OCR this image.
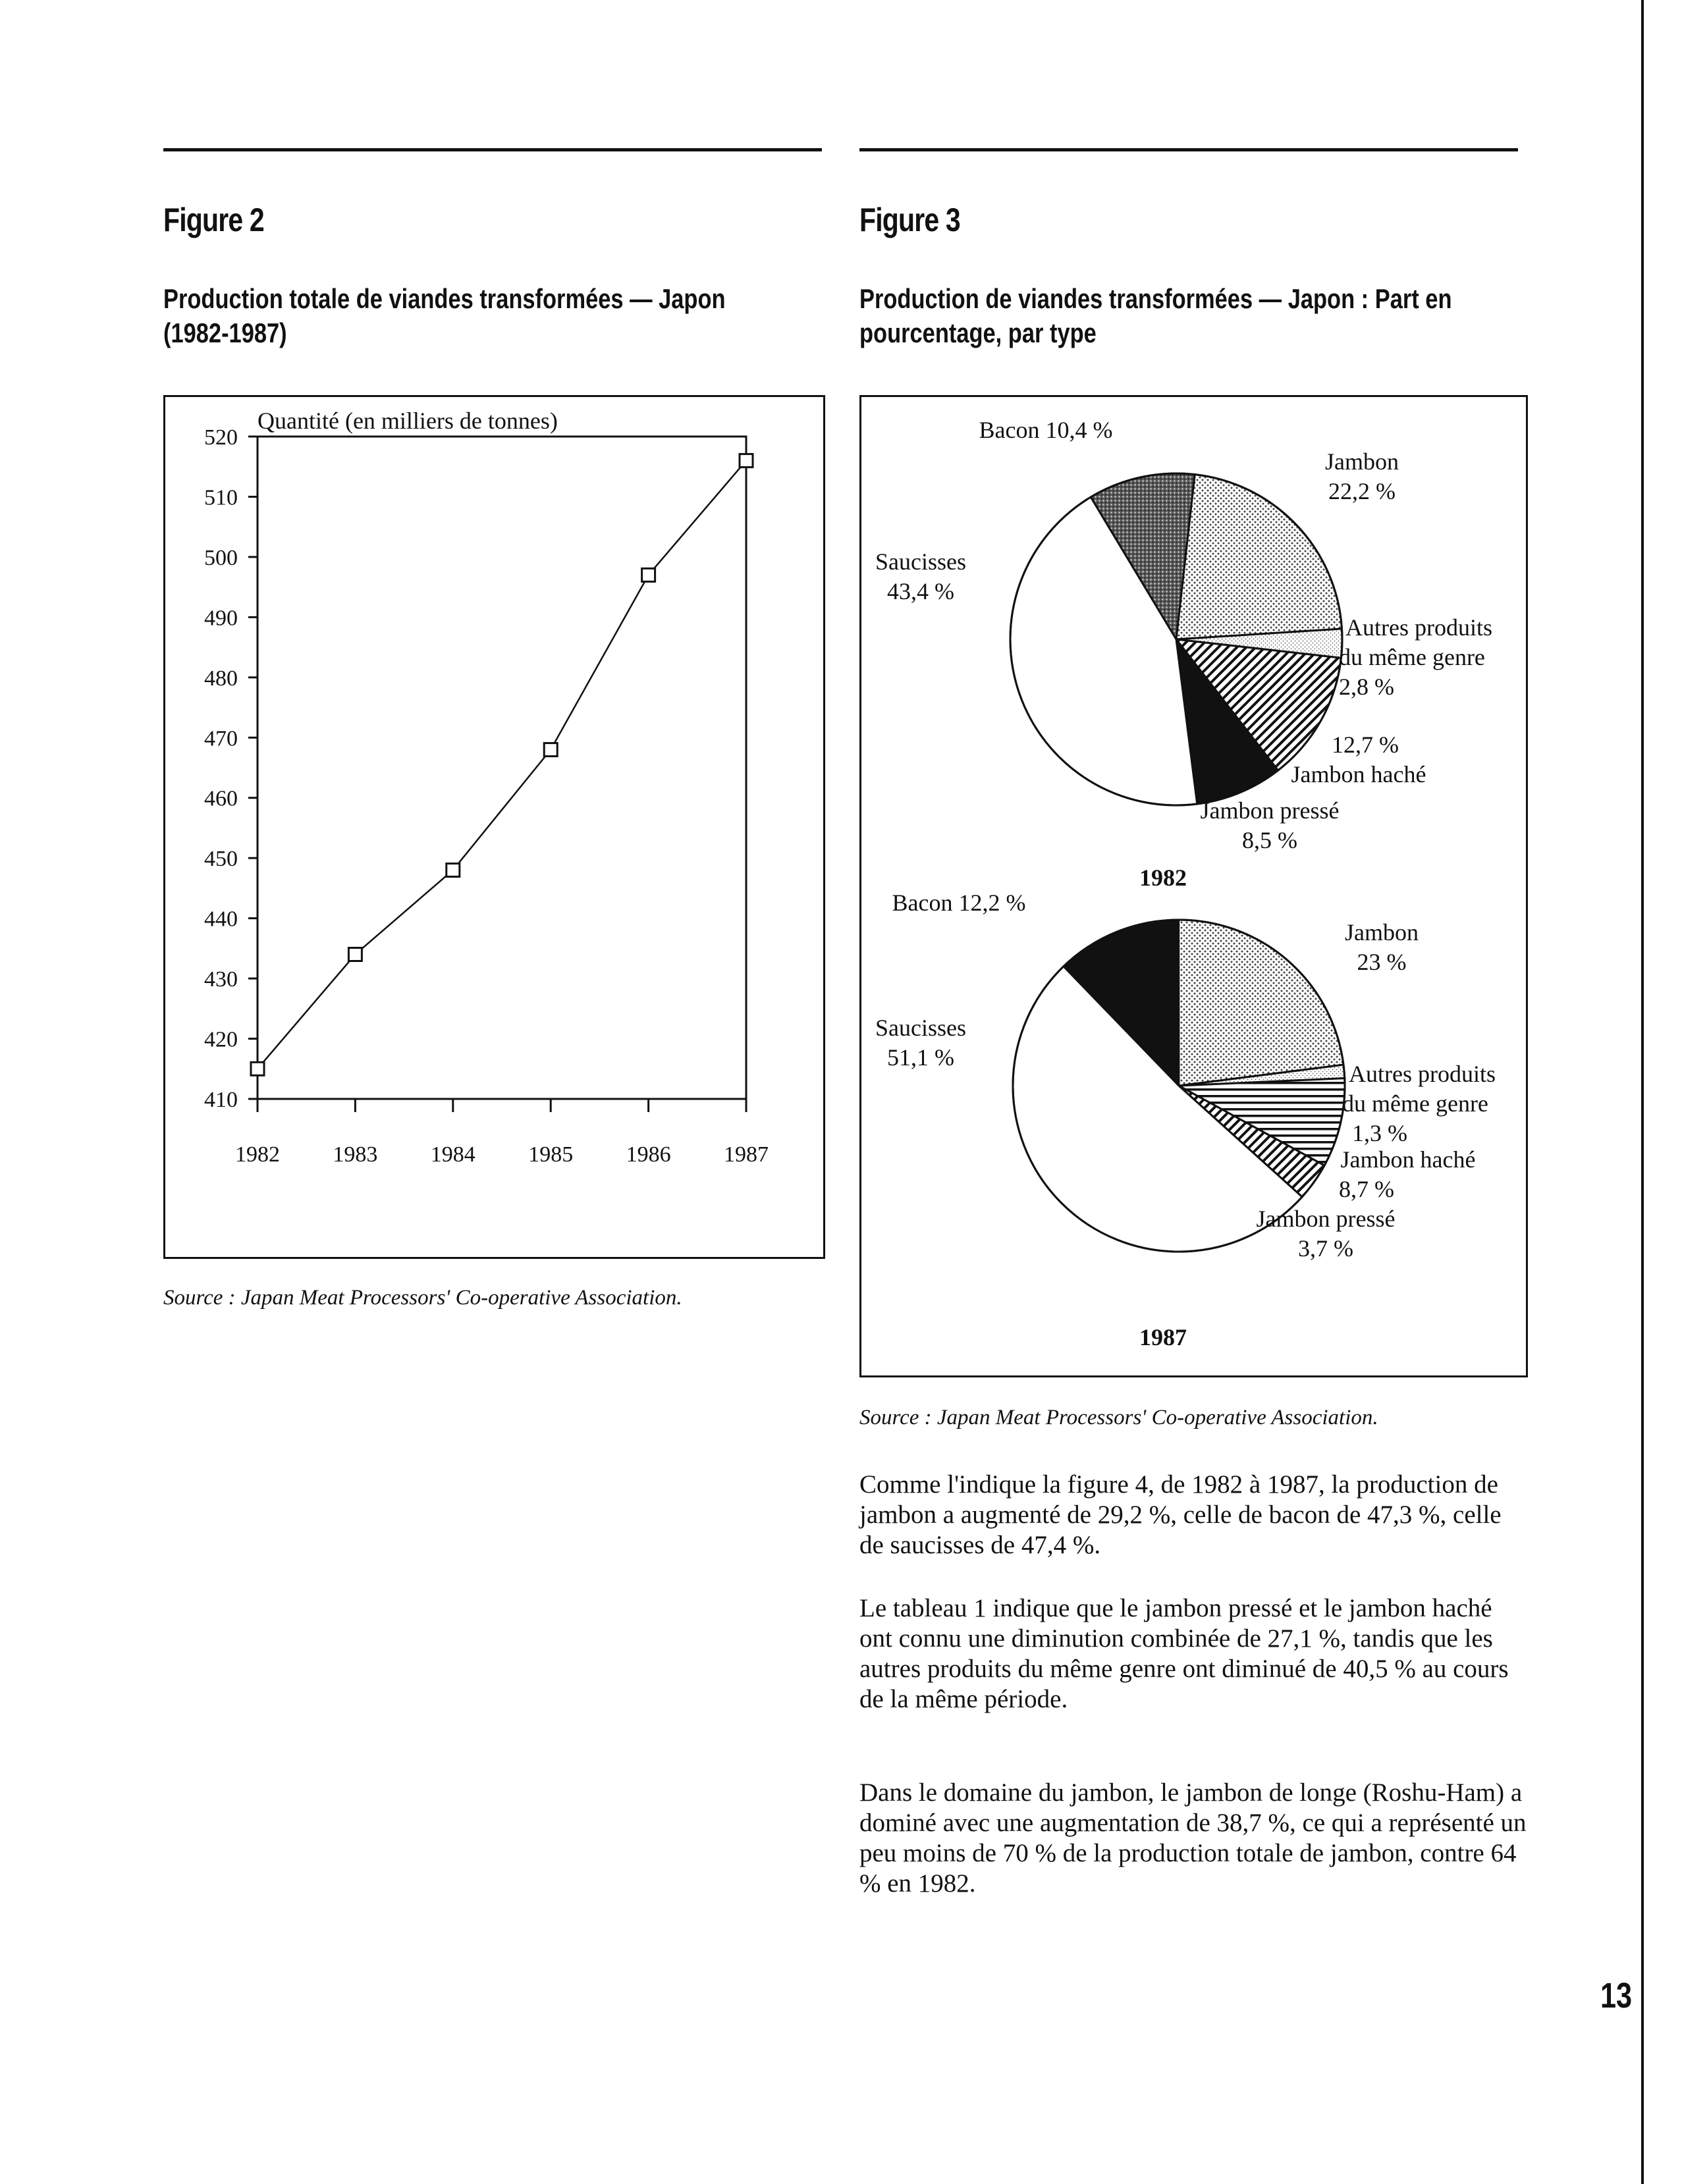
Figure 2
Production totale de viandes transformées — Japon
(1982-1987)
Figure 3
Production de viandes transformées — Japon : Part en
pourcentage, par type
410
420
430
440
450
460
470
480
490
500
510
520
1982 1983 1984 1985 1986 1987
Quantité (en milliers de tonnes)
Source : Japan Meat Processors' Co-operative Association.
Bacon 10,4 %
Jambon
22,2 %
Autres produits
du même genre
2,8 %
12,7 %
Jambon haché
Jambon pressé
8,5 %
Saucisses
43,4 %
1982
Bacon 12,2 %
Jambon
23 %
Autres produits
du même genre
1,3 %
Jambon haché
8,7 %
Jambon pressé
3,7 %
Saucisses
51,1 %
1987
Source : Japan Meat Processors' Co-operative Association.

Comme l'indique la figure 4, de 1982 à 1987, la production de jambon a augmenté de 29,2 %, celle de bacon de 47,3 %, celle de saucisses de 47,4 %.

Le tableau 1 indique que le jambon pressé et le jambon haché ont connu une diminution combinée de 27,1 %, tandis que les autres produits du même genre ont diminué de 40,5 % au cours de la même période.

Dans le domaine du jambon, le jambon de longe (Roshu-Ham) a dominé avec une augmentation de 38,7 %, ce qui a représenté un peu moins de 70 % de la production totale de jambon, contre 64 % en 1982.

13
